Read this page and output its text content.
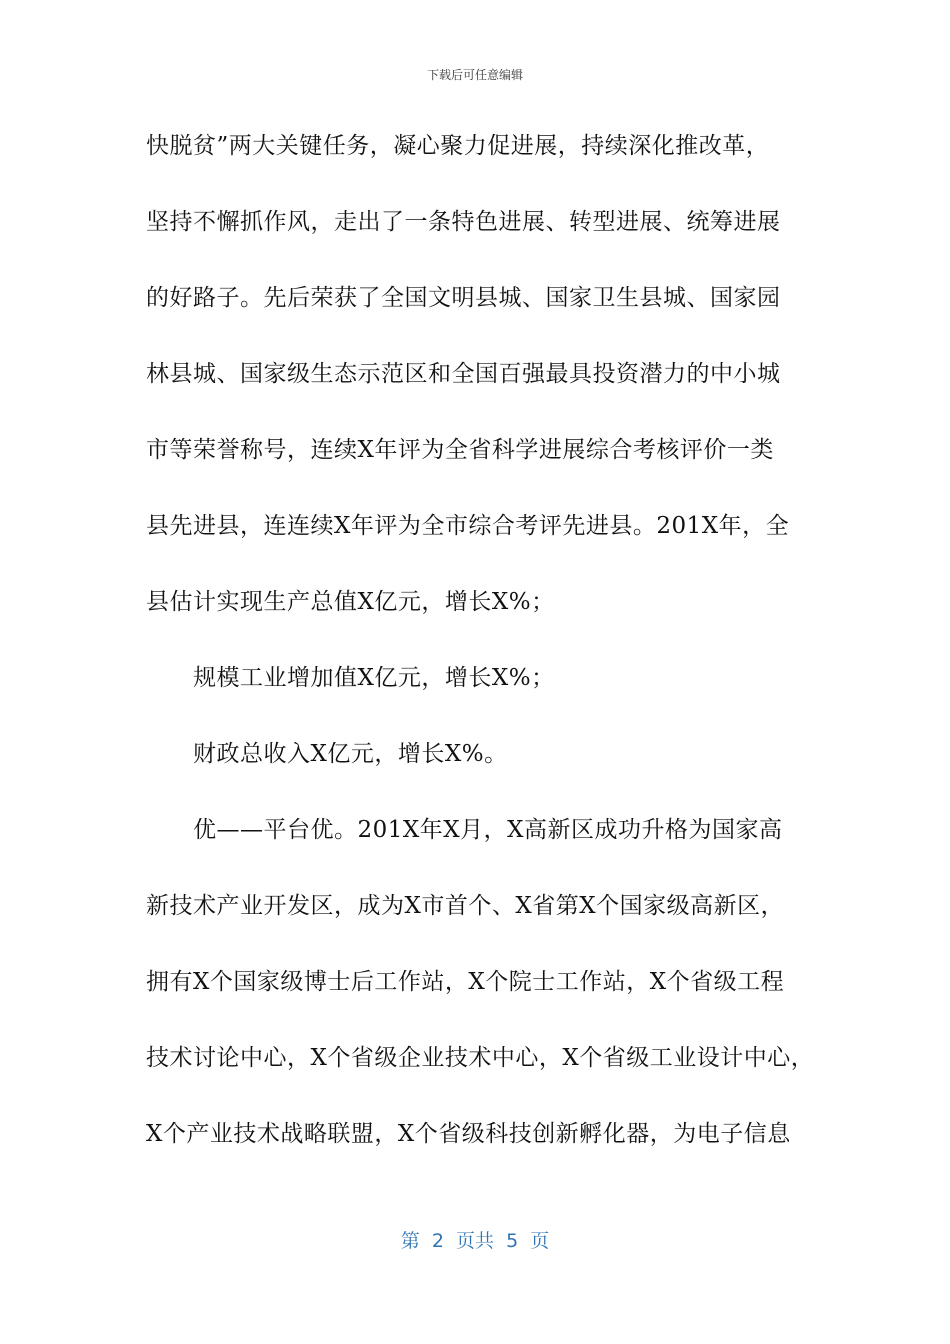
下载后可任意编辑
快脱贫”两大关键任务，凝心聚力促进展，持续深化推改革，
坚持不懈抓作风，走出了一条特色进展、转型进展、统筹进展
的好路子。先后荣获了全国文明县城、国家卫生县城、国家园
林县城、国家级生态示范区和全国百强最具投资潜力的中小城
市等荣誉称号，连续X年评为全省科学进展综合考核评价一类
县先进县，连连续X年评为全市综合考评先进县。201X年，全
县估计实现生产总值X亿元，增长X%；
规模工业增加值X亿元，增长X%；
财政总收入X亿元，增长X%。
优——平台优。201X年X月，X高新区成功升格为国家高
新技术产业开发区，成为X市首个、X省第X个国家级高新区，
拥有X个国家级博士后工作站，X个院士工作站，X个省级工程
技术讨论中心，X个省级企业技术中心，X个省级工业设计中心，
X个产业技术战略联盟，X个省级科技创新孵化器，为电子信息
第  2  页共  5  页
